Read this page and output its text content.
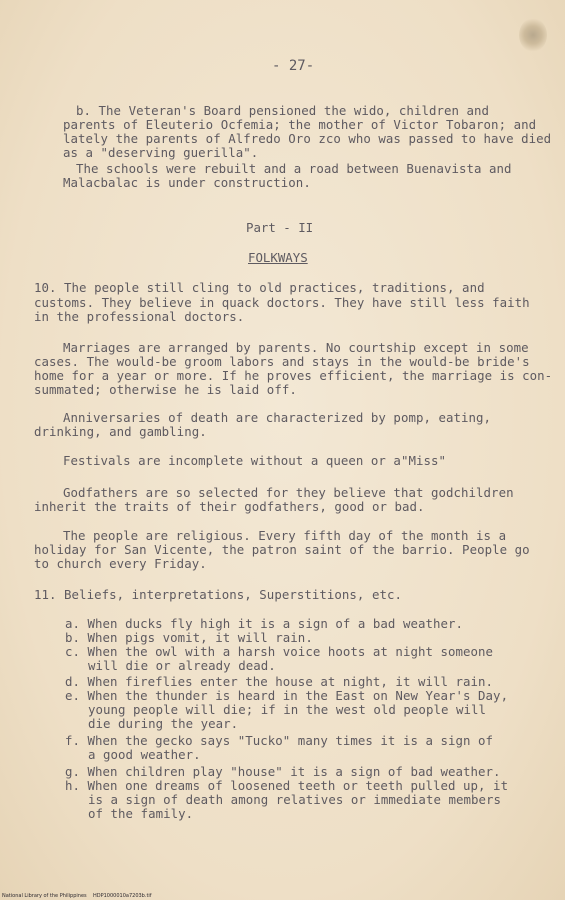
- 27-
b. The Veteran's Board pensioned the wido, children and
parents of Eleuterio Ocfemia; the mother of Victor Tobaron; and
lately the parents of Alfredo Oro zco who was passed to have died
as a "deserving guerilla".
The schools were rebuilt and a road between Buenavista and
Malacbalac is under construction.
Part - II
FOLKWAYS
10. The people still cling to old practices, traditions, and
customs. They believe in quack doctors. They have still less faith
in the professional doctors.
Marriages are arranged by parents. No courtship except in some
cases. The would-be groom labors and stays in the would-be bride's
home for a year or more. If he proves efficient, the marriage is con-
summated; otherwise he is laid off.
Anniversaries of death are characterized by pomp, eating,
drinking, and gambling.
Festivals are incomplete without a queen or a"Miss"
Godfathers are so selected for they believe that godchildren
inherit the traits of their godfathers, good or bad.
The people are religious. Every fifth day of the month is a
holiday for San Vicente, the patron saint of the barrio. People go
to church every Friday.
11. Beliefs, interpretations, Superstitions, etc.
a. When ducks fly high it is a sign of a bad weather.
b. When pigs vomit, it will rain.
c. When the owl with a harsh voice hoots at night someone
will die or already dead.
d. When fireflies enter the house at night, it will rain.
e. When the thunder is heard in the East on New Year's Day,
young people will die; if in the west old people will
die during the year.
f. When the gecko says "Tucko" many times it is a sign of
a good weather.
g. When children play "house" it is a sign of bad weather.
h. When one dreams of loosened teeth or teeth pulled up, it
is a sign of death among relatives or immediate members
of the family.
National Library of the Philippines    HDP1000010a7203b.tif
